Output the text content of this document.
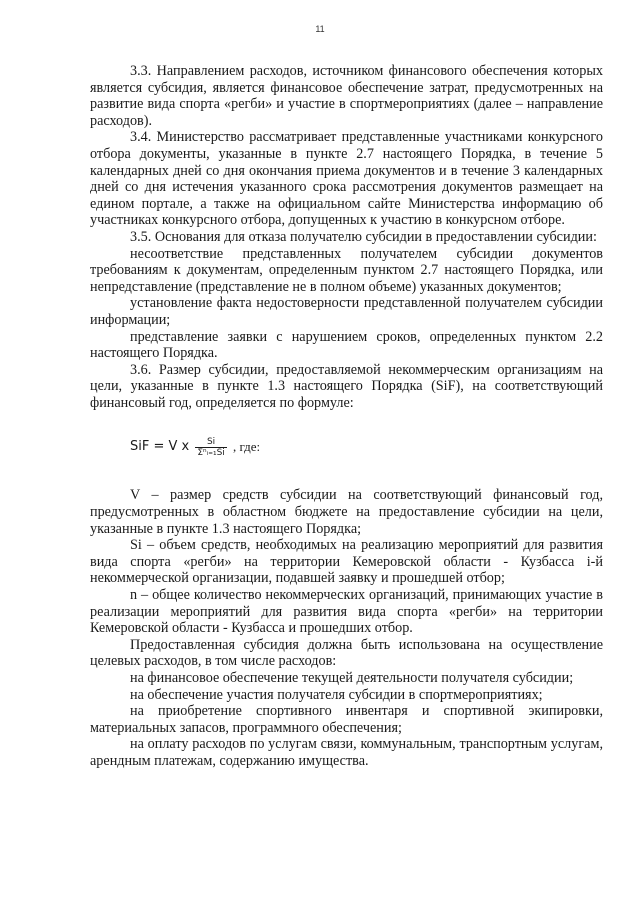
11

3.3. Направлением расходов, источником финансового обеспечения которых является субсидия, является финансовое обеспечение затрат, предусмотренных на развитие вида спорта «регби» и участие в спортмероприятиях (далее – направление расходов).

3.4. Министерство рассматривает представленные участниками конкурсного отбора документы, указанные в пункте 2.7 настоящего Порядка, в течение 5 календарных дней со дня окончания приема документов и в течение 3 календарных дней со дня истечения указанного срока рассмотрения документов размещает на едином портале, а также на официальном сайте Министерства информацию об участниках конкурсного отбора, допущенных к участию в конкурсном отборе.

3.5. Основания для отказа получателю субсидии в предоставлении субсидии:

несоответствие представленных получателем субсидии документов требованиям к документам, определенным пунктом 2.7 настоящего Порядка, или непредставление (представление не в полном объеме) указанных документов;

установление факта недостоверности представленной получателем субсидии информации;

представление заявки с нарушением сроков, определенных пунктом 2.2 настоящего Порядка.

3.6. Размер субсидии, предоставляемой некоммерческим организациям на цели, указанные в пункте 1.3 настоящего Порядка (SiF), на соответствующий финансовый год, определяется по формуле:

SiF = V x $\frac{Si}{\text{Σⁿᵢ₌₁Si}}$ , где:

V – размер средств субсидии на соответствующий финансовый год, предусмотренных в областном бюджете на предоставление субсидии на цели, указанные в пункте 1.3 настоящего Порядка;

Si – объем средств, необходимых на реализацию мероприятий для развития вида спорта «регби» на территории Кемеровской области - Кузбасса i-й некоммерческой организации, подавшей заявку и прошедшей отбор;

n – общее количество некоммерческих организаций, принимающих участие в реализации мероприятий для развития вида спорта «регби» на территории Кемеровской области - Кузбасса и прошедших отбор.

Предоставленная субсидия должна быть использована на осуществление целевых расходов, в том числе расходов:

на финансовое обеспечение текущей деятельности получателя субсидии;

на обеспечение участия получателя субсидии в спортмероприятиях;

на приобретение спортивного инвентаря и спортивной экипировки, материальных запасов, программного обеспечения;

на оплату расходов по услугам связи, коммунальным, транспортным услугам, арендным платежам, содержанию имущества.
